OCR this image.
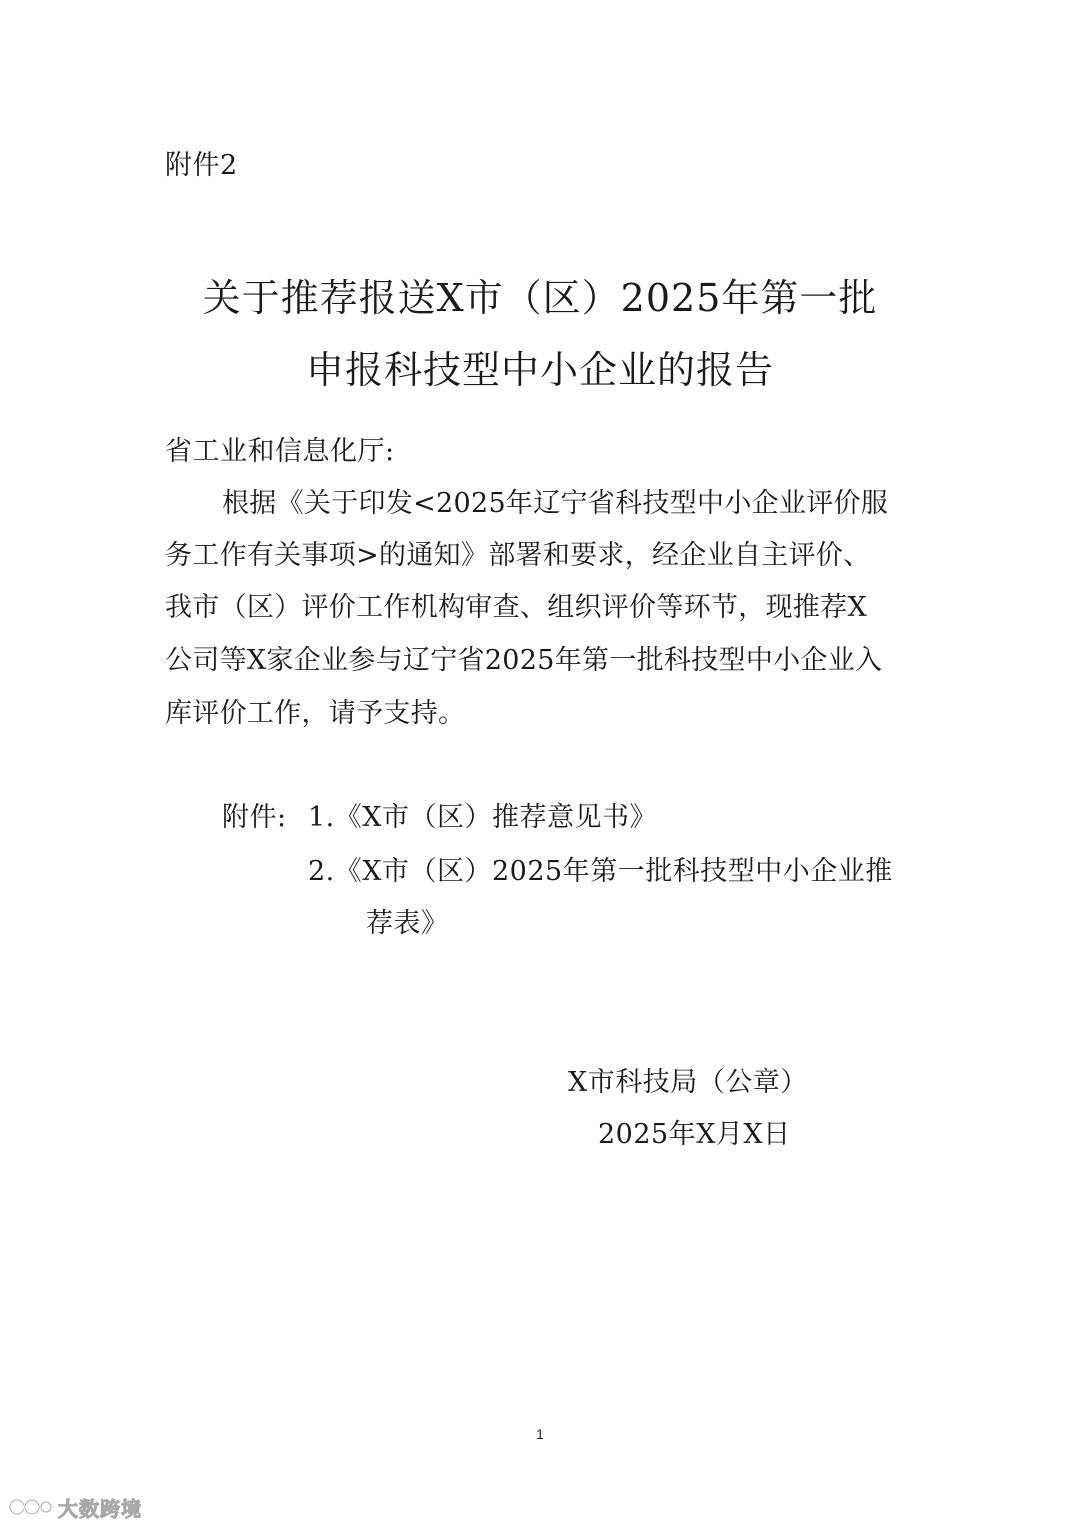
附件2
关于推荐报送X市（区）2025年第一批
申报科技型中小企业的报告
省工业和信息化厅:
根据《关于印发<2025年辽宁省科技型中小企业评价服
务工作有关事项>的通知》部署和要求，经企业自主评价、
我市（区）评价工作机构审查、组织评价等环节，现推荐X
公司等X家企业参与辽宁省2025年第一批科技型中小企业入
库评价工作，请予支持。
附件: 1.《X市（区）推荐意见书》
2.《X市（区）2025年第一批科技型中小企业推
荐表》
X市科技局（公章）
2025年X月X日
1
大数跨境
